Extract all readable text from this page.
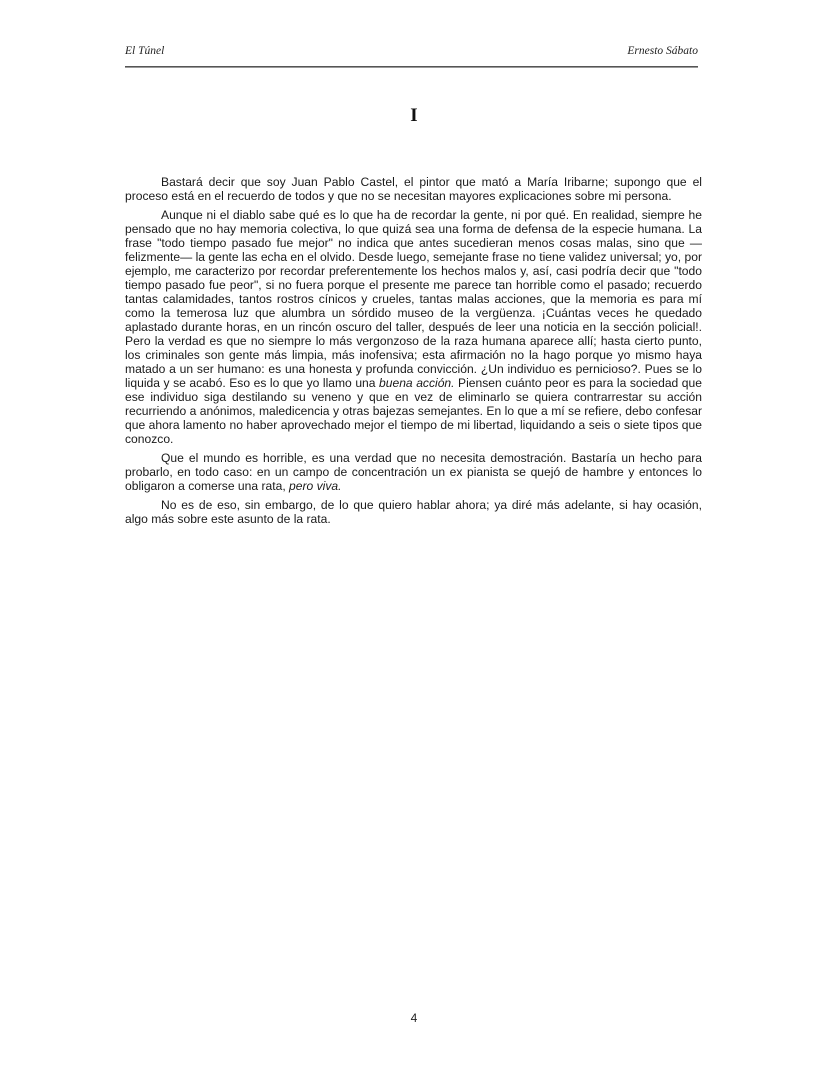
El Túnel	Ernesto Sábato
I

Bastará decir que soy Juan Pablo Castel, el pintor que mató a María Iribarne; supongo que el proceso está en el recuerdo de todos y que no se necesitan mayores explicaciones sobre mi persona.

Aunque ni el diablo sabe qué es lo que ha de recordar la gente, ni por qué. En realidad, siempre he pensado que no hay memoria colectiva, lo que quizá sea una forma de defensa de la especie humana. La frase "todo tiempo pasado fue mejor" no indica que antes sucedieran menos cosas malas, sino que —felizmente— la gente las echa en el olvido. Desde luego, semejante frase no tiene validez universal; yo, por ejemplo, me caracterizo por recordar preferentemente los hechos malos y, así, casi podría decir que "todo tiempo pasado fue peor", si no fuera porque el presente me parece tan horrible como el pasado; recuerdo tantas calamidades, tantos rostros cínicos y crueles, tantas malas acciones, que la memoria es para mí como la temerosa luz que alumbra un sórdido museo de la vergüenza. ¡Cuántas veces he quedado aplastado durante horas, en un rincón oscuro del taller, después de leer una noticia en la sección policial!. Pero la verdad es que no siempre lo más vergonzoso de la raza humana aparece allí; hasta cierto punto, los criminales son gente más limpia, más inofensiva; esta afirmación no la hago porque yo mismo haya matado a un ser humano: es una honesta y profunda convicción. ¿Un individuo es pernicioso?. Pues se lo liquida y se acabó. Eso es lo que yo llamo una buena acción. Piensen cuánto peor es para la sociedad que ese individuo siga destilando su veneno y que en vez de eliminarlo se quiera contrarrestar su acción recurriendo a anónimos, maledicencia y otras bajezas semejantes. En lo que a mí se refiere, debo confesar que ahora lamento no haber aprovechado mejor el tiempo de mi libertad, liquidando a seis o siete tipos que conozco.

Que el mundo es horrible, es una verdad que no necesita demostración. Bastaría un hecho para probarlo, en todo caso: en un campo de concentración un ex pianista se quejó de hambre y entonces lo obligaron a comerse una rata, pero viva.

No es de eso, sin embargo, de lo que quiero hablar ahora; ya diré más adelante, si hay ocasión, algo más sobre este asunto de la rata.

4
